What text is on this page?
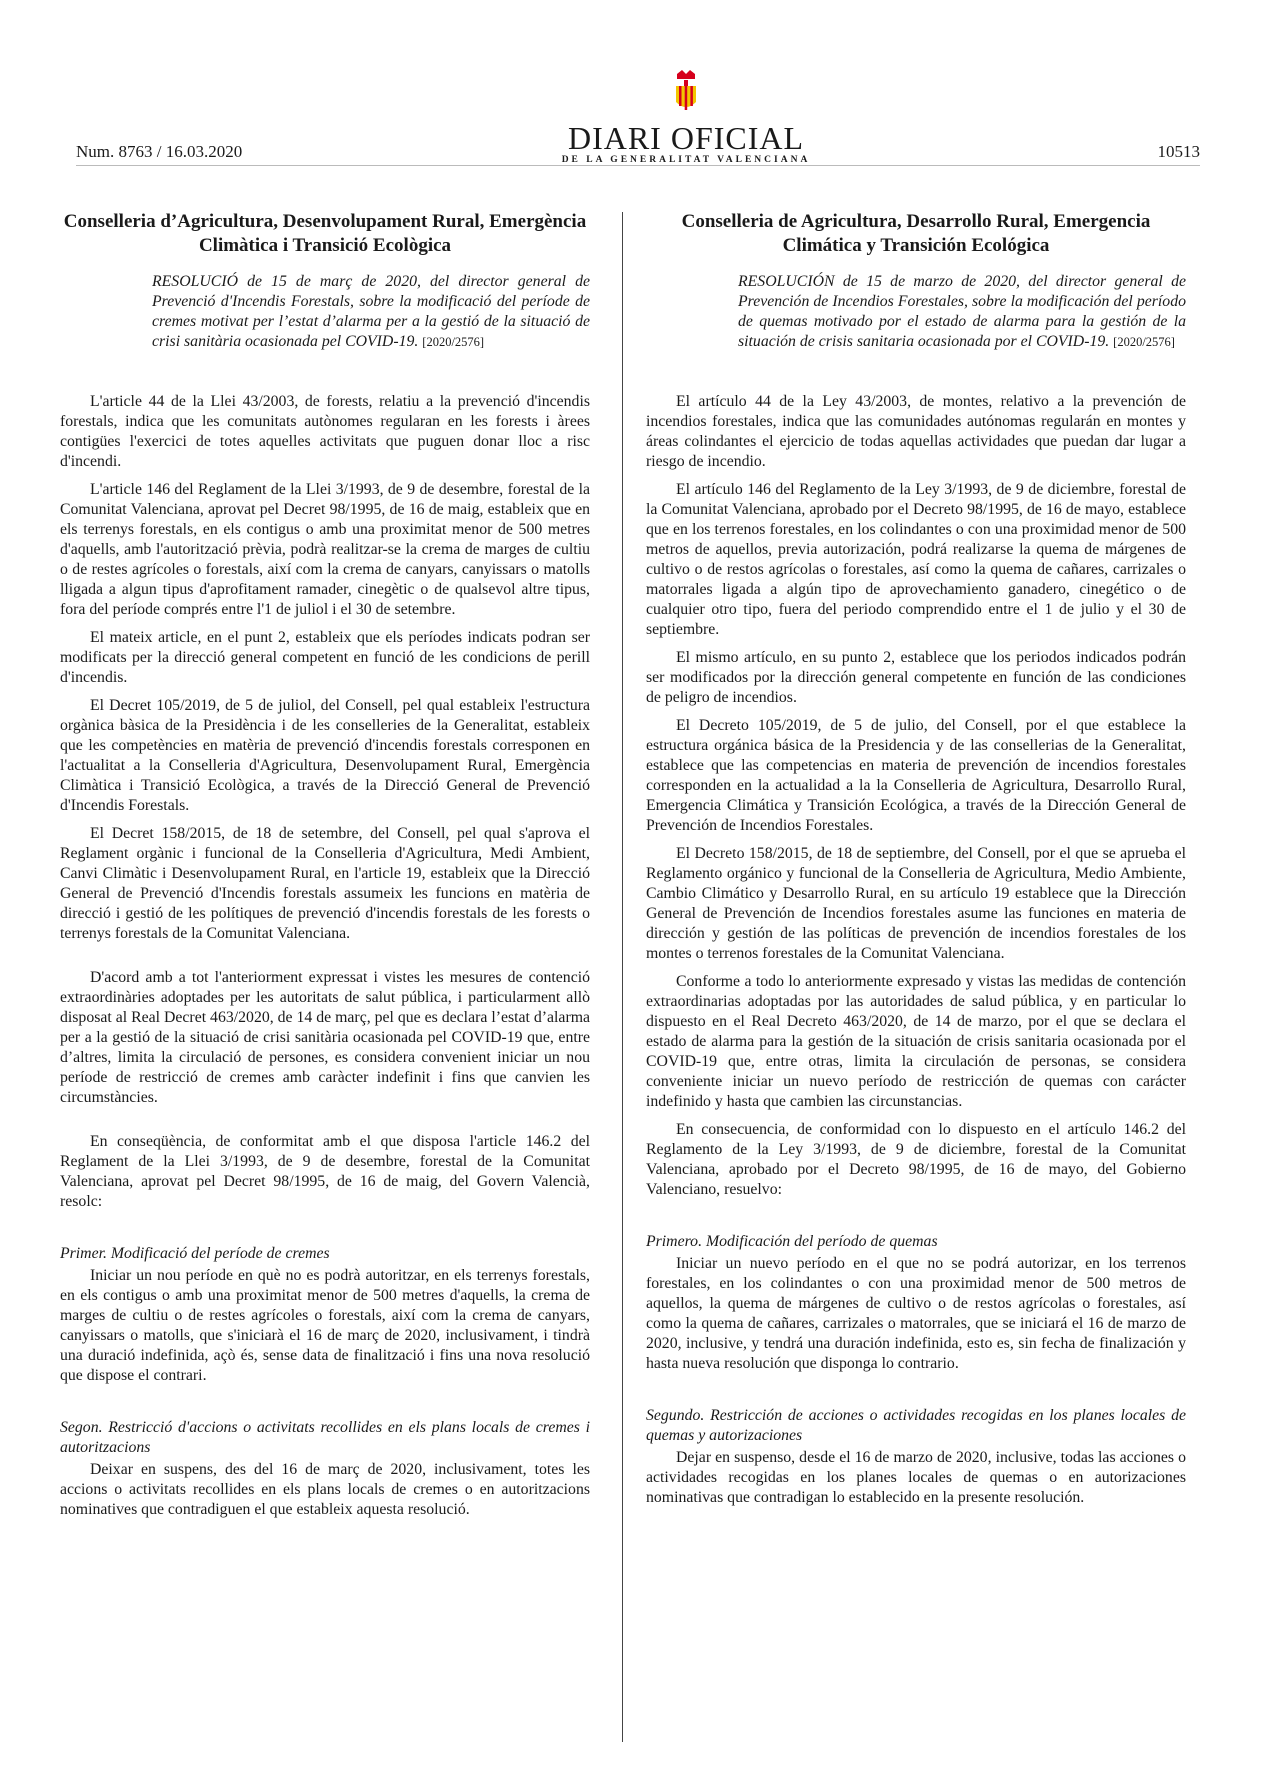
Num. 8763 / 16.03.2020	DIARI OFICIAL
DE LA GENERALITAT VALENCIANA	10513
Conselleria d’Agricultura, Desenvolupament Rural, Emergència Climàtica i Transició Ecològica
RESOLUCIÓ de 15 de març de 2020, del director general de Prevenció d'Incendis Forestals, sobre la modificació del període de cremes motivat per l’estat d’alarma per a la gestió de la situació de crisi sanitària ocasionada pel COVID-19. [2020/2576]

L'article 44 de la Llei 43/2003, de forests, relatiu a la prevenció d'incendis forestals, indica que les comunitats autònomes regularan en les forests i àrees contigües l'exercici de totes aquelles activitats que puguen donar lloc a risc d'incendi.

L'article 146 del Reglament de la Llei 3/1993, de 9 de desembre, forestal de la Comunitat Valenciana, aprovat pel Decret 98/1995, de 16 de maig, estableix que en els terrenys forestals, en els contigus o amb una proximitat menor de 500 metres d'aquells, amb l'autorització prèvia, podrà realitzar-se la crema de marges de cultiu o de restes agrícoles o forestals, així com la crema de canyars, canyissars o matolls lligada a algun tipus d'aprofitament ramader, cinegètic o de qualsevol altre tipus, fora del període comprés entre l'1 de juliol i el 30 de setembre.

El mateix article, en el punt 2, estableix que els períodes indicats podran ser modificats per la direcció general competent en funció de les condicions de perill d'incendis.

El Decret 105/2019, de 5 de juliol, del Consell, pel qual estableix l'estructura orgànica bàsica de la Presidència i de les conselleries de la Generalitat, estableix que les competències en matèria de prevenció d'incendis forestals corresponen en l'actualitat a la Conselleria d'Agricultura, Desenvolupament Rural, Emergència Climàtica i Transició Ecològica, a través de la Direcció General de Prevenció d'Incendis Forestals.

El Decret 158/2015, de 18 de setembre, del Consell, pel qual s'aprova el Reglament orgànic i funcional de la Conselleria d'Agricultura, Medi Ambient, Canvi Climàtic i Desenvolupament Rural, en l'article 19, estableix que la Direcció General de Prevenció d'Incendis forestals assumeix les funcions en matèria de direcció i gestió de les polítiques de prevenció d'incendis forestals de les forests o terrenys forestals de la Comunitat Valenciana.

D'acord amb a tot l'anteriorment expressat i vistes les mesures de contenció extraordinàries adoptades per les autoritats de salut pública, i particularment allò disposat al Real Decret 463/2020, de 14 de març, pel que es declara l’estat d’alarma per a la gestió de la situació de crisi sanitària ocasionada pel COVID-19 que, entre d’altres, limita la circulació de persones, es considera convenient iniciar un nou període de restricció de cremes amb caràcter indefinit i fins que canvien les circumstàncies.

En conseqüència, de conformitat amb el que disposa l'article 146.2 del Reglament de la Llei 3/1993, de 9 de desembre, forestal de la Comunitat Valenciana, aprovat pel Decret 98/1995, de 16 de maig, del Govern Valencià, resolc:

Primer. Modificació del període de cremes

Iniciar un nou període en què no es podrà autoritzar, en els terrenys forestals, en els contigus o amb una proximitat menor de 500 metres d'aquells, la crema de marges de cultiu o de restes agrícoles o forestals, així com la crema de canyars, canyissars o matolls, que s'iniciarà el 16 de març de 2020, inclusivament, i tindrà una duració indefinida, açò és, sense data de finalització i fins una nova resolució que dispose el contrari.

Segon. Restricció d'accions o activitats recollides en els plans locals de cremes i autoritzacions

Deixar en suspens, des del 16 de març de 2020, inclusivament, totes les accions o activitats recollides en els plans locals de cremes o en autoritzacions nominatives que contradiguen el que estableix aquesta resolució.

Conselleria de Agricultura, Desarrollo Rural, Emergencia Climática y Transición Ecológica
RESOLUCIÓN de 15 de marzo de 2020, del director general de Prevención de Incendios Forestales, sobre la modificación del período de quemas motivado por el estado de alarma para la gestión de la situación de crisis sanitaria ocasionada por el COVID-19. [2020/2576]

El artículo 44 de la Ley 43/2003, de montes, relativo a la prevención de incendios forestales, indica que las comunidades autónomas regularán en montes y áreas colindantes el ejercicio de todas aquellas actividades que puedan dar lugar a riesgo de incendio.

El artículo 146 del Reglamento de la Ley 3/1993, de 9 de diciembre, forestal de la Comunitat Valenciana, aprobado por el Decreto 98/1995, de 16 de mayo, establece que en los terrenos forestales, en los colindantes o con una proximidad menor de 500 metros de aquellos, previa autorización, podrá realizarse la quema de márgenes de cultivo o de restos agrícolas o forestales, así como la quema de cañares, carrizales o matorrales ligada a algún tipo de aprovechamiento ganadero, cinegético o de cualquier otro tipo, fuera del periodo comprendido entre el 1 de julio y el 30 de septiembre.

El mismo artículo, en su punto 2, establece que los periodos indicados podrán ser modificados por la dirección general competente en función de las condiciones de peligro de incendios.

El Decreto 105/2019, de 5 de julio, del Consell, por el que establece la estructura orgánica básica de la Presidencia y de las consellerias de la Generalitat, establece que las competencias en materia de prevención de incendios forestales corresponden en la actualidad a la la Conselleria de Agricultura, Desarrollo Rural, Emergencia Climática y Transición Ecológica, a través de la Dirección General de Prevención de Incendios Forestales.

El Decreto 158/2015, de 18 de septiembre, del Consell, por el que se aprueba el Reglamento orgánico y funcional de la Conselleria de Agricultura, Medio Ambiente, Cambio Climático y Desarrollo Rural, en su artículo 19 establece que la Dirección General de Prevención de Incendios forestales asume las funciones en materia de dirección y gestión de las políticas de prevención de incendios forestales de los montes o terrenos forestales de la Comunitat Valenciana.

Conforme a todo lo anteriormente expresado y vistas las medidas de contención extraordinarias adoptadas por las autoridades de salud pública, y en particular lo dispuesto en el Real Decreto 463/2020, de 14 de marzo, por el que se declara el estado de alarma para la gestión de la situación de crisis sanitaria ocasionada por el COVID-19 que, entre otras, limita la circulación de personas, se considera conveniente iniciar un nuevo período de restricción de quemas con carácter indefinido y hasta que cambien las circunstancias.

En consecuencia, de conformidad con lo dispuesto en el artículo 146.2 del Reglamento de la Ley 3/1993, de 9 de diciembre, forestal de la Comunitat Valenciana, aprobado por el Decreto 98/1995, de 16 de mayo, del Gobierno Valenciano, resuelvo:

Primero. Modificación del período de quemas

Iniciar un nuevo período en el que no se podrá autorizar, en los terrenos forestales, en los colindantes o con una proximidad menor de 500 metros de aquellos, la quema de márgenes de cultivo o de restos agrícolas o forestales, así como la quema de cañares, carrizales o matorrales, que se iniciará el 16 de marzo de 2020, inclusive, y tendrá una duración indefinida, esto es, sin fecha de finalización y hasta nueva resolución que disponga lo contrario.

Segundo. Restricción de acciones o actividades recogidas en los planes locales de quemas y autorizaciones

Dejar en suspenso, desde el 16 de marzo de 2020, inclusive, todas las acciones o actividades recogidas en los planes locales de quemas o en autorizaciones nominativas que contradigan lo establecido en la presente resolución.
